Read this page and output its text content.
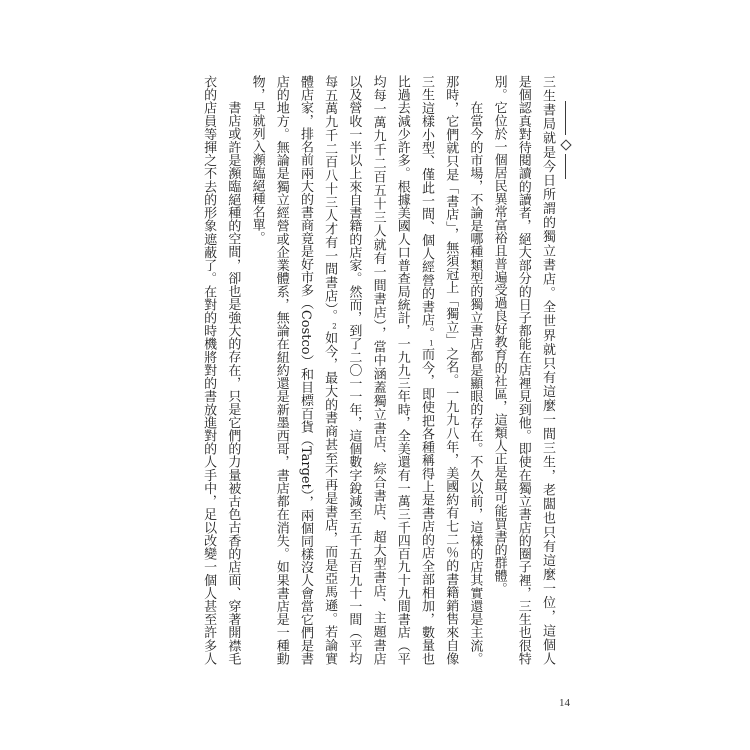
三生書局就是今日所謂的獨立書店。全世界就只有這麼一間三生，老闆也只有這麼一位，這個人
是個認真對待閱讀的讀者，絕大部分的日子都能在店裡見到他。即使在獨立書店的圈子裡，三生也很特
別。它位於一個居民異常富裕且普遍受過良好教育的社區，這類人正是最可能買書的群體。
在當今的市場，不論是哪種類型的獨立書店都是顯眼的存在。不久以前，這樣的店其實還是主流。
那時，它們就只是「書店」，無須冠上「獨立」之名。一九九八年，美國約有七二％的書籍銷售來自像
三生這樣小型、僅此一間、個人經營的書店。$^1$而今，即使把各種稱得上是書店的店全部相加，數量也
比過去減少許多。根據美國人口普查局統計，一九九三年時，全美還有一萬三千四百九十九間書店（平
均每一萬九千二百五十三人就有一間書店），當中涵蓋獨立書店、綜合書店、超大型書店、主題書店
以及營收一半以上來自書籍的店家。然而，到了二〇一一年，這個數字銳減至五千五百九十一間（平均
每五萬九千二百八十三人才有一間書店）。$^2$如今，最大的書商甚至不再是書店，而是亞馬遜。若論實
體店家，排名前兩大的書商竟是好市多（Costco）和目標百貨（Target），兩個同樣沒人會當它們是書
店的地方。無論是獨立經營或企業體系，無論在紐約還是新墨西哥，書店都在消失。如果書店是一種動
物，早就列入瀕臨絕種名單。
書店或許是瀕臨絕種的空間，卻也是強大的存在，只是它們的力量被古色古香的店面、穿著開襟毛
衣的店員等揮之不去的形象遮蔽了。在對的時機將對的書放進對的人手中，足以改變一個人甚至許多人
14
